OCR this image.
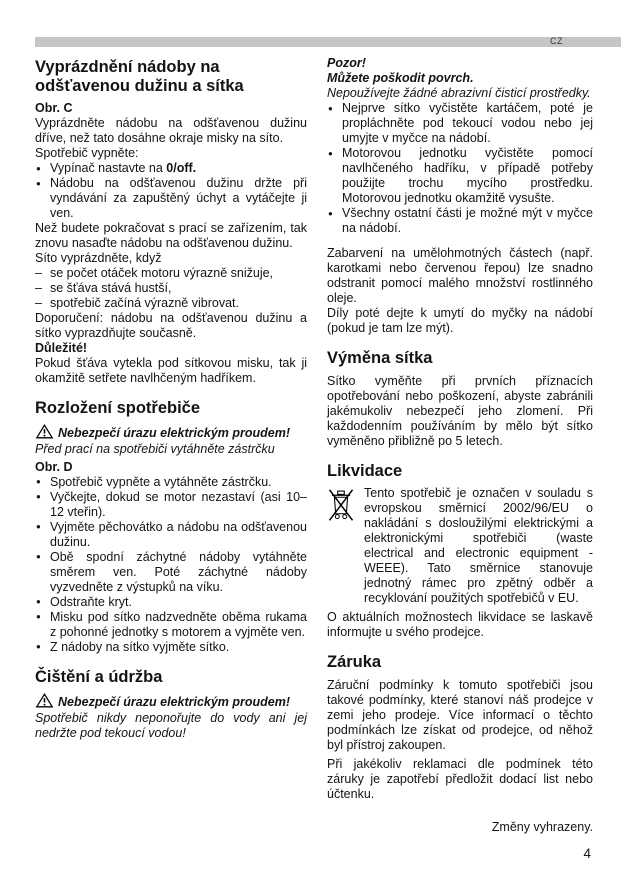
CZ
Vyprázdnění nádoby na odšťavenou dužinu a sítka

Obr. C

Vyprázdněte nádobu na odšťavenou dužinu dříve, než tato dosáhne okraje misky na síto.

Spotřebič vypněte:

● Vypínač nastavte na 0/off.
● Nádobu na odšťavenou dužinu držte při vyndávání za zapuštěný úchyt a vytáčejte ji ven.

Než budete pokračovat s prací se zařízením, tak znovu nasaďte nádobu na odšťavenou dužinu.

Síto vyprázdněte, když

– se počet otáček motoru výrazně snižuje,
– se šťáva stává hustší,
– spotřebič začíná výrazně vibrovat.

Doporučení: nádobu na odšťavenou dužinu a sítko vyprazdňujte současně.

Důležité!

Pokud šťáva vytekla pod sítkovou misku, tak ji okamžitě setřete navlhčeným hadříkem.

Rozložení spotřebiče

Nebezpečí úrazu elektrickým proudem!

Před prací na spotřebiči vytáhněte zástrčku

Obr. D

● Spotřebič vypněte a vytáhněte zástrčku.
● Vyčkejte, dokud se motor nezastaví (asi 10–12 vteřin).
● Vyjměte pěchovátko a nádobu na odšťavenou dužinu.
● Obě spodní záchytné nádoby vytáhněte směrem ven. Poté záchytné nádoby vyzvedněte z výstupků na víku.
● Odstraňte kryt.
● Misku pod sítko nadzvedněte oběma rukama z pohonné jednotky s motorem a vyjměte ven.
● Z nádoby na sítko vyjměte sítko.
Čištění a údržba

Nebezpečí úrazu elektrickým proudem!

Spotřebič nikdy neponořujte do vody ani jej nedržte pod tekoucí vodou!

Pozor!

Můžete poškodit povrch.

Nepoužívejte žádné abrazivní čisticí prostředky.

● Nejprve sítko vyčistěte kartáčem, poté je propláchněte pod tekoucí vodou nebo jej umyjte v myčce na nádobí.
● Motorovou jednotku vyčistěte pomocí navlhčeného hadříku, v případě potřeby použijte trochu mycího prostředku. Motorovou jednotku okamžitě vysušte.
● Všechny ostatní části je možné mýt v myčce na nádobí.

Zabarvení na umělohmotných částech (např. karotkami nebo červenou řepou) lze snadno odstranit pomocí malého množství rostlinného oleje.

Díly poté dejte k umytí do myčky na nádobí (pokud je tam lze mýt).

Výměna sítka

Sítko vyměňte při prvních příznacích opotřebování nebo poškození, abyste zabránili jakémukoliv nebezpečí jeho zlomení. Při každodenním používáním by mělo být sítko vyměněno přibližně po 5 letech.

Likvidace

Tento spotřebič je označen v souladu s evropskou směrnicí 2002/96/EU o nakládání s dosloužilými elektrickými a elektronickými spotřebiči (waste electrical and electronic equipment - WEEE). Tato směrnice stanovuje jednotný rámec pro zpětný odběr a recyklování použitých spotřebičů v EU.

O aktuálních možnostech likvidace se laskavě informujte u svého prodejce.

Záruka

Záruční podmínky k tomuto spotřebiči jsou takové podmínky, které stanoví náš prodejce v zemi jeho prodeje. Více informací o těchto podmínkách lze získat od prodejce, od něhož byl přístroj zakoupen.

Při jakékoliv reklamaci dle podmínek této záruky je zapotřebí předložit dodací list nebo účtenku.

Změny vyhrazeny.

4
